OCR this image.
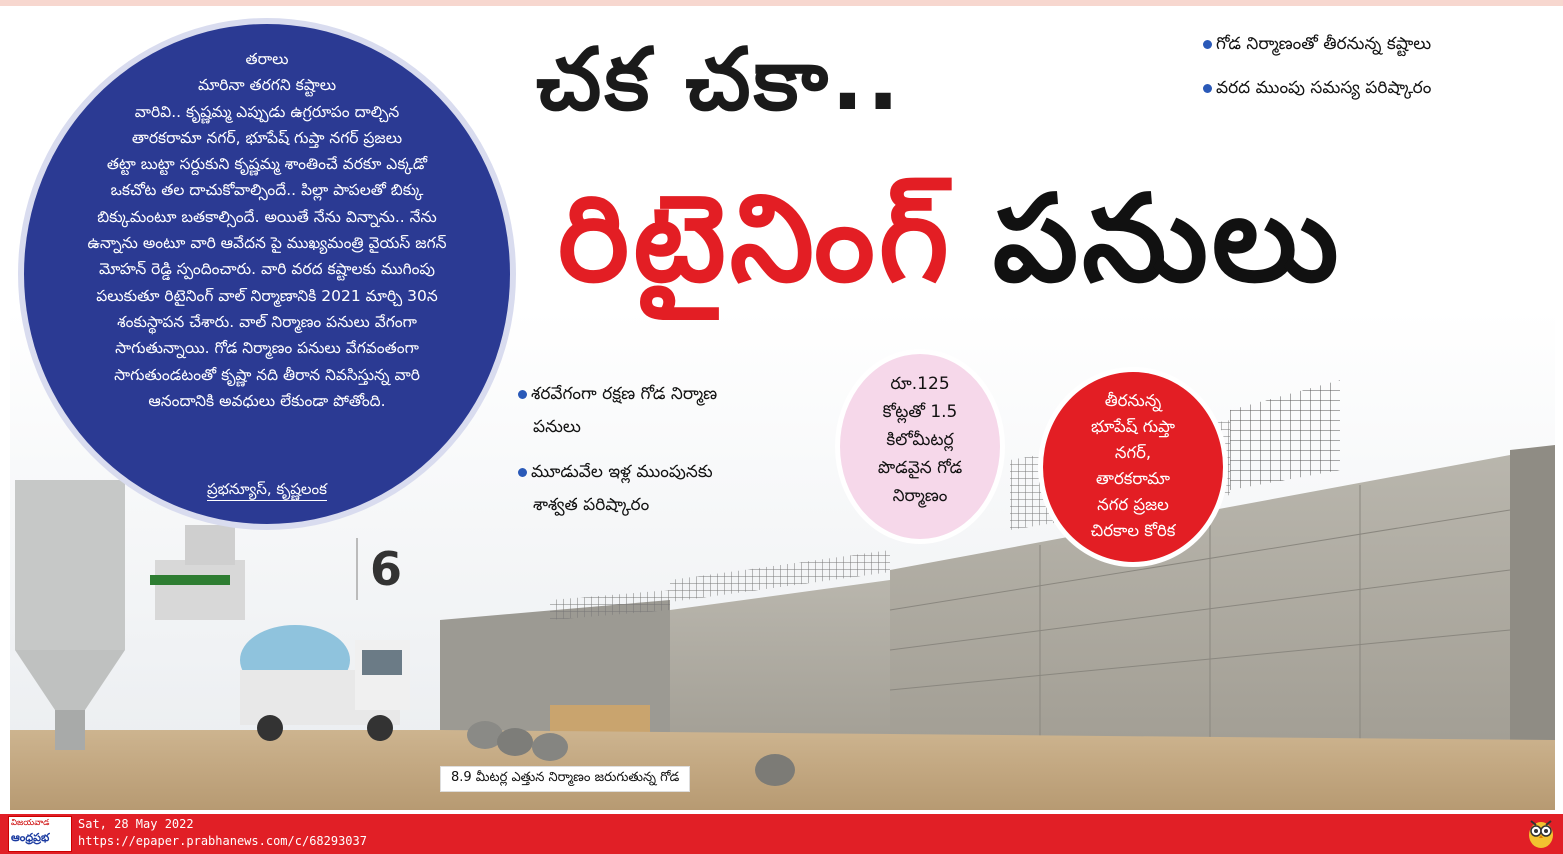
తరాలు
మారినా తరగని కష్టాలు
వారివి.. కృష్ణమ్మ ఎప్పుడు ఉగ్రరూపం దాల్చిన
తారకరామా నగర్, భూపేష్ గుప్తా నగర్ ప్రజలు
తట్టా బుట్టా సర్దుకుని కృష్ణమ్మ శాంతించే వరకూ ఎక్కడో
ఒకచోట తల దాచుకోవాల్సిందే.. పిల్లా పాపలతో బిక్కు
బిక్కుమంటూ బతకాల్సిందే. అయితే నేను విన్నాను.. నేను
ఉన్నాను అంటూ వారి ఆవేదన పై ముఖ్యమంత్రి వైయస్ జగన్
మోహన్ రెడ్డి స్పందించారు. వారి వరద కష్టాలకు ముగింపు
పలుకుతూ రిటైనింగ్ వాల్ నిర్మాణానికి 2021 మార్చి 30న
శంకుస్థాపన చేశారు. వాల్ నిర్మాణం పనులు వేగంగా
సాగుతున్నాయి. గోడ నిర్మాణం పనులు వేగవంతంగా
సాగుతుండటంతో కృష్ణా నది తీరాన నివసిస్తున్న వారి
ఆనందానికి అవధులు లేకుండా పోతోంది.
ప్రభన్యూస్, కృష్ణలంక
చక చకా..
రిటైనింగ్ పనులు
గోడ నిర్మాణంతో తీరనున్న కష్టాలు
వరద ముంపు సమస్య పరిష్కారం
శరవేగంగా రక్షణ గోడ నిర్మాణ
పనులు
మూడువేల ఇళ్ల ముంపునకు
శాశ్వత పరిష్కారం
రూ.125
కోట్లతో 1.5
కిలోమీటర్ల
పొడవైన గోడ
నిర్మాణం
తీరనున్న
భూపేష్ గుప్తా
నగర్,
తారకరామా
నగర ప్రజల
చిరకాల కోరిక
6
8.9 మీటర్ల ఎత్తున నిర్మాణం జరుగుతున్న గోడ
విజయవాడ
ఆంధ్రప్రభ
Sat, 28 May 2022
https://epaper.prabhanews.com/c/68293037
